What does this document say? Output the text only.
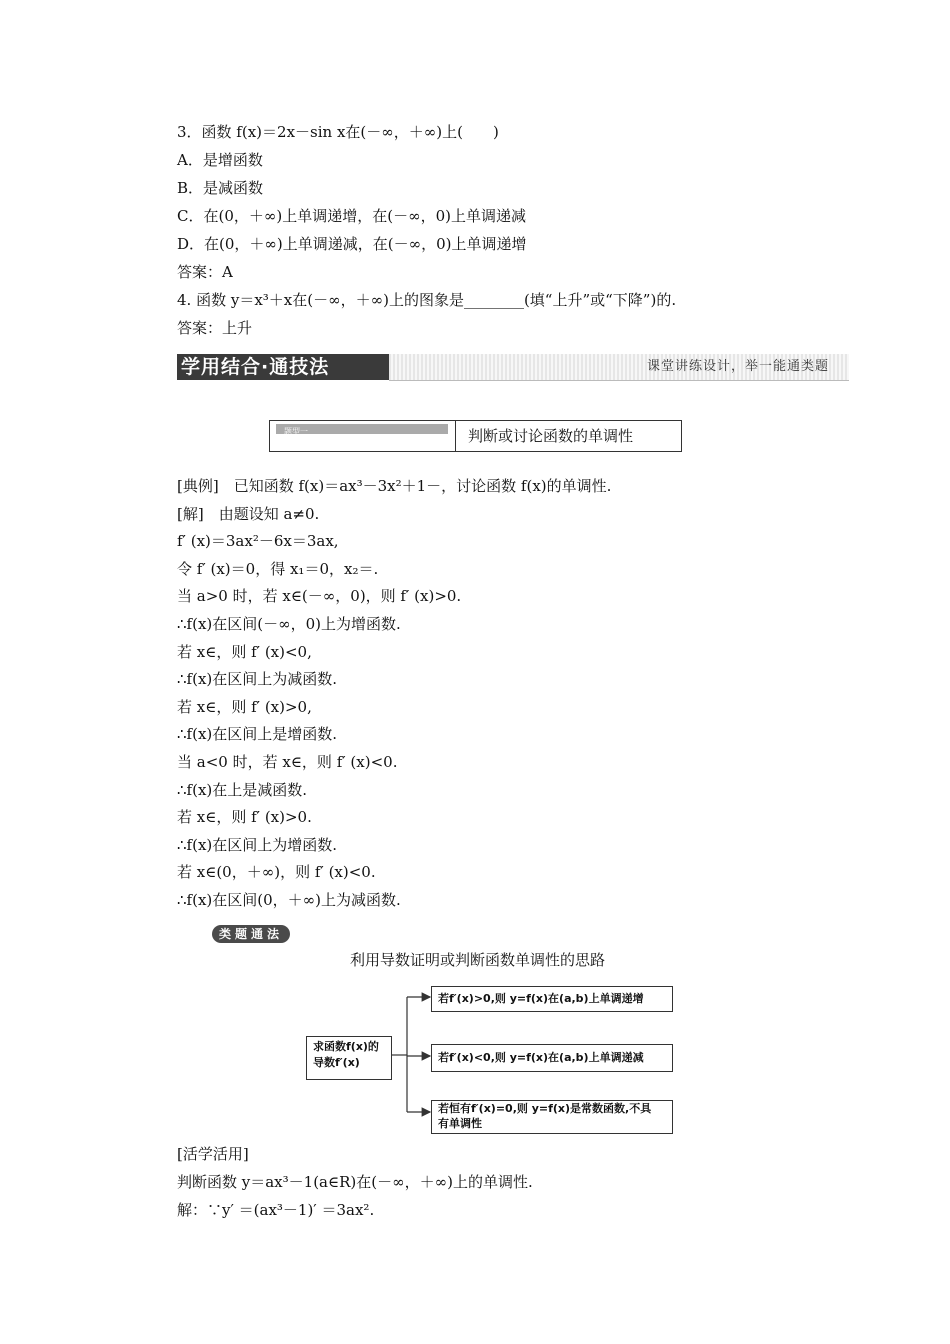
3．函数 f(x)＝2x－sin x在(－∞，＋∞)上(　　)
A．是增函数
B．是减函数
C．在(0，＋∞)上单调递增，在(－∞，0)上单调递减
D．在(0，＋∞)上单调递减，在(－∞，0)上单调递增
答案：A
4. 函数 y＝x³＋x在(－∞，＋∞)上的图象是________(填“上升”或“下降”)的.
答案：上升
学用结合·通技法	课堂讲练设计，举一能通类题
题型一	判断或讨论函数的单调性
[典例]　已知函数 f(x)＝ax³－3x²＋1－，讨论函数 f(x)的单调性.
[解]　由题设知 a≠0.
f′ (x)＝3ax²－6x＝3ax,
令 f′ (x)＝0，得 x₁＝0，x₂＝.
当 a>0 时，若 x∈(－∞，0)，则 f′ (x)>0.
∴f(x)在区间(－∞，0)上为增函数.
若 x∈，则 f′ (x)<0,
∴f(x)在区间上为减函数.
若 x∈，则 f′ (x)>0,
∴f(x)在区间上是增函数.
当 a<0 时，若 x∈，则 f′ (x)<0.
∴f(x)在上是减函数.
若 x∈，则 f′ (x)>0.
∴f(x)在区间上为增函数.
若 x∈(0，＋∞)，则 f′ (x)<0.
∴f(x)在区间(0，＋∞)上为减函数.
类题通法
利用导数证明或判断函数单调性的思路
求函数f(x)的
导数f′(x)
若f′(x)>0,则 y=f(x)在(a,b)上单调递增
若f′(x)<0,则 y=f(x)在(a,b)上单调递减
若恒有f′(x)=0,则 y=f(x)是常数函数,不具
有单调性
[活学活用]
判断函数 y＝ax³－1(a∈R)在(－∞，＋∞)上的单调性.
解：∵y′ ＝(ax³－1)′ ＝3ax².
